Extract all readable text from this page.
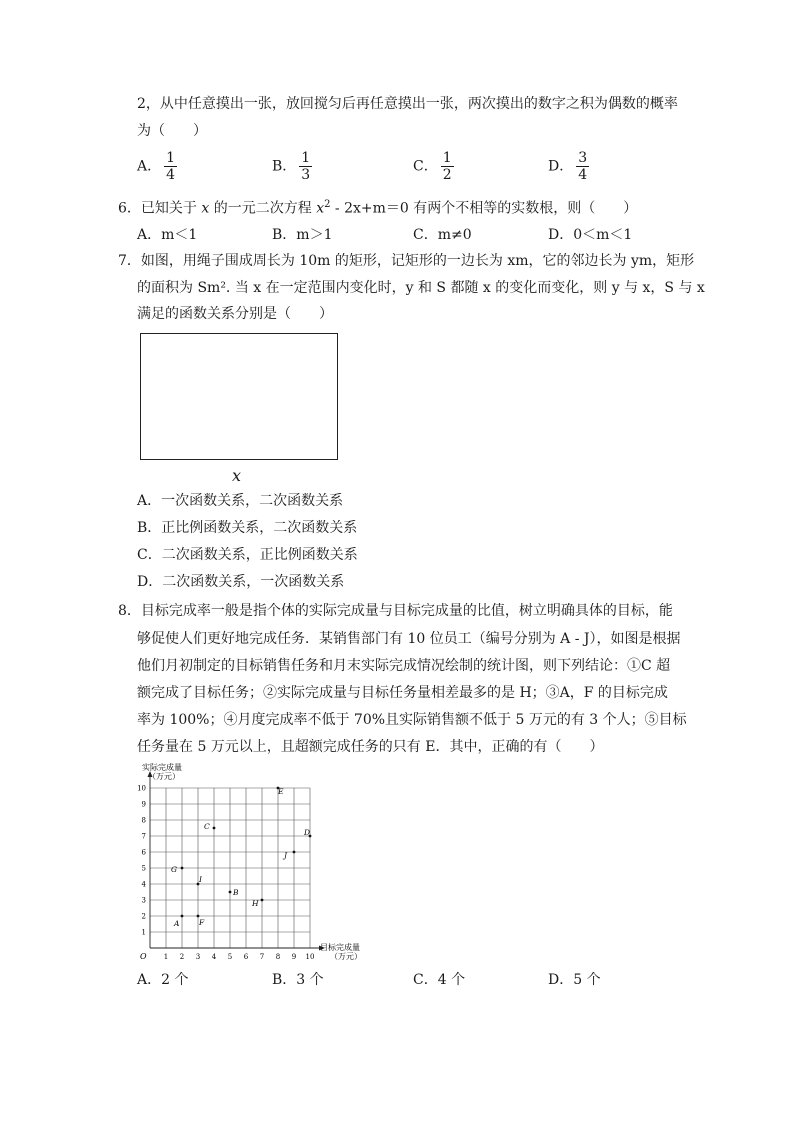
2，从中任意摸出一张，放回搅匀后再任意摸出一张，两次摸出的数字之积为偶数的概率
为（　　）
A． $\frac{1}{4}$	B． $\frac{1}{3}$	C． $\frac{1}{2}$	D． $\frac{3}{4}$
6．已知关于 x 的一元二次方程 $x^2 - 2x+m=0$ 有两个不相等的实数根，则（　　）
A．m＜1	B．m＞1	C．m≠0	D．0＜m＜1
7．如图，用绳子围成周长为 10m 的矩形，记矩形的一边长为 xm，它的邻边长为 ym，矩形
的面积为 Sm². 当 x 在一定范围内变化时，y 和 S 都随 x 的变化而变化，则 y 与 x，S 与 x
满足的函数关系分别是（　　）
x
A．一次函数关系，二次函数关系
B．正比例函数关系，二次函数关系
C．二次函数关系，正比例函数关系
D．二次函数关系，一次函数关系
8．目标完成率一般是指个体的实际完成量与目标完成量的比值，树立明确具体的目标，能
够促使人们更好地完成任务．某销售部门有 10 位员工（编号分别为 A - J），如图是根据
他们月初制定的目标销售任务和月末实际完成情况绘制的统计图，则下列结论：①C 超
额完成了目标任务；②实际完成量与目标任务量相差最多的是 H；③A，F 的目标完成
率为 100%；④月度完成率不低于 70%且实际销售额不低于 5 万元的有 3 个人；⑤目标
任务量在 5 万元以上，且超额完成任务的只有 E．其中，正确的有（　　）
1 2 3 4 5 6 7 8 9 10
1
2
3
4
5
6
7
8
9
10
A
B
C
D
E
F
G
H
I
J
实际完成量
（万元）
目标完成量
（万元）
O
A．2 个	B．3 个	C．4 个	D．5 个
